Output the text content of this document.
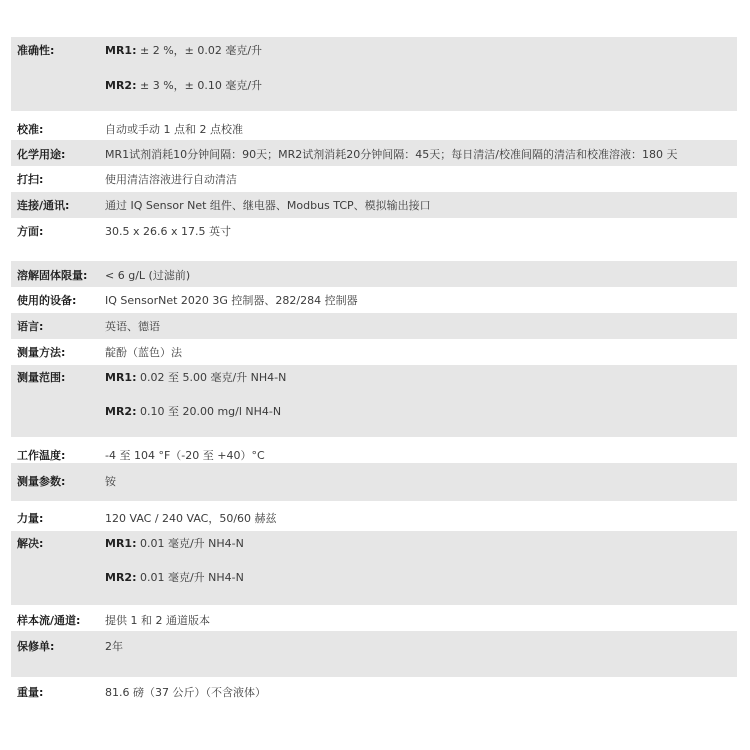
准确性:	MR1: ± 2 %，± 0.02 毫克/升
MR2: ± 3 %，± 0.10 毫克/升
校准:	自动或手动 1 点和 2 点校准
化学用途:	MR1试剂消耗10分钟间隔：90天；MR2试剂消耗20分钟间隔：45天；每日清洁/校准间隔的清洁和校准溶液：180 天
打扫:	使用清洁溶液进行自动清洁
连接/通讯:	通过 IQ Sensor Net 组件、继电器、Modbus TCP、模拟输出接口
方面:	30.5 x 26.6 x 17.5 英寸
溶解固体限量: < 6 g/L (过滤前)
使用的设备:	IQ SensorNet 2020 3G 控制器、282/284 控制器
语言:	英语、德语
测量方法:	靛酚（蓝色）法
测量范围:	MR1: 0.02 至 5.00 毫克/升 NH4-N
MR2: 0.10 至 20.00 mg/l NH4-N
工作温度:	-4 至 104 °F（-20 至 +40）°C
测量参数:	铵
力量:	120 VAC / 240 VAC，50/60 赫兹
解决:	MR1: 0.01 毫克/升 NH4-N
MR2: 0.01 毫克/升 NH4-N
样本流/通道: 提供 1 和 2 通道版本
保修单:	2年
重量:	81.6 磅（37 公斤）（不含液体）
